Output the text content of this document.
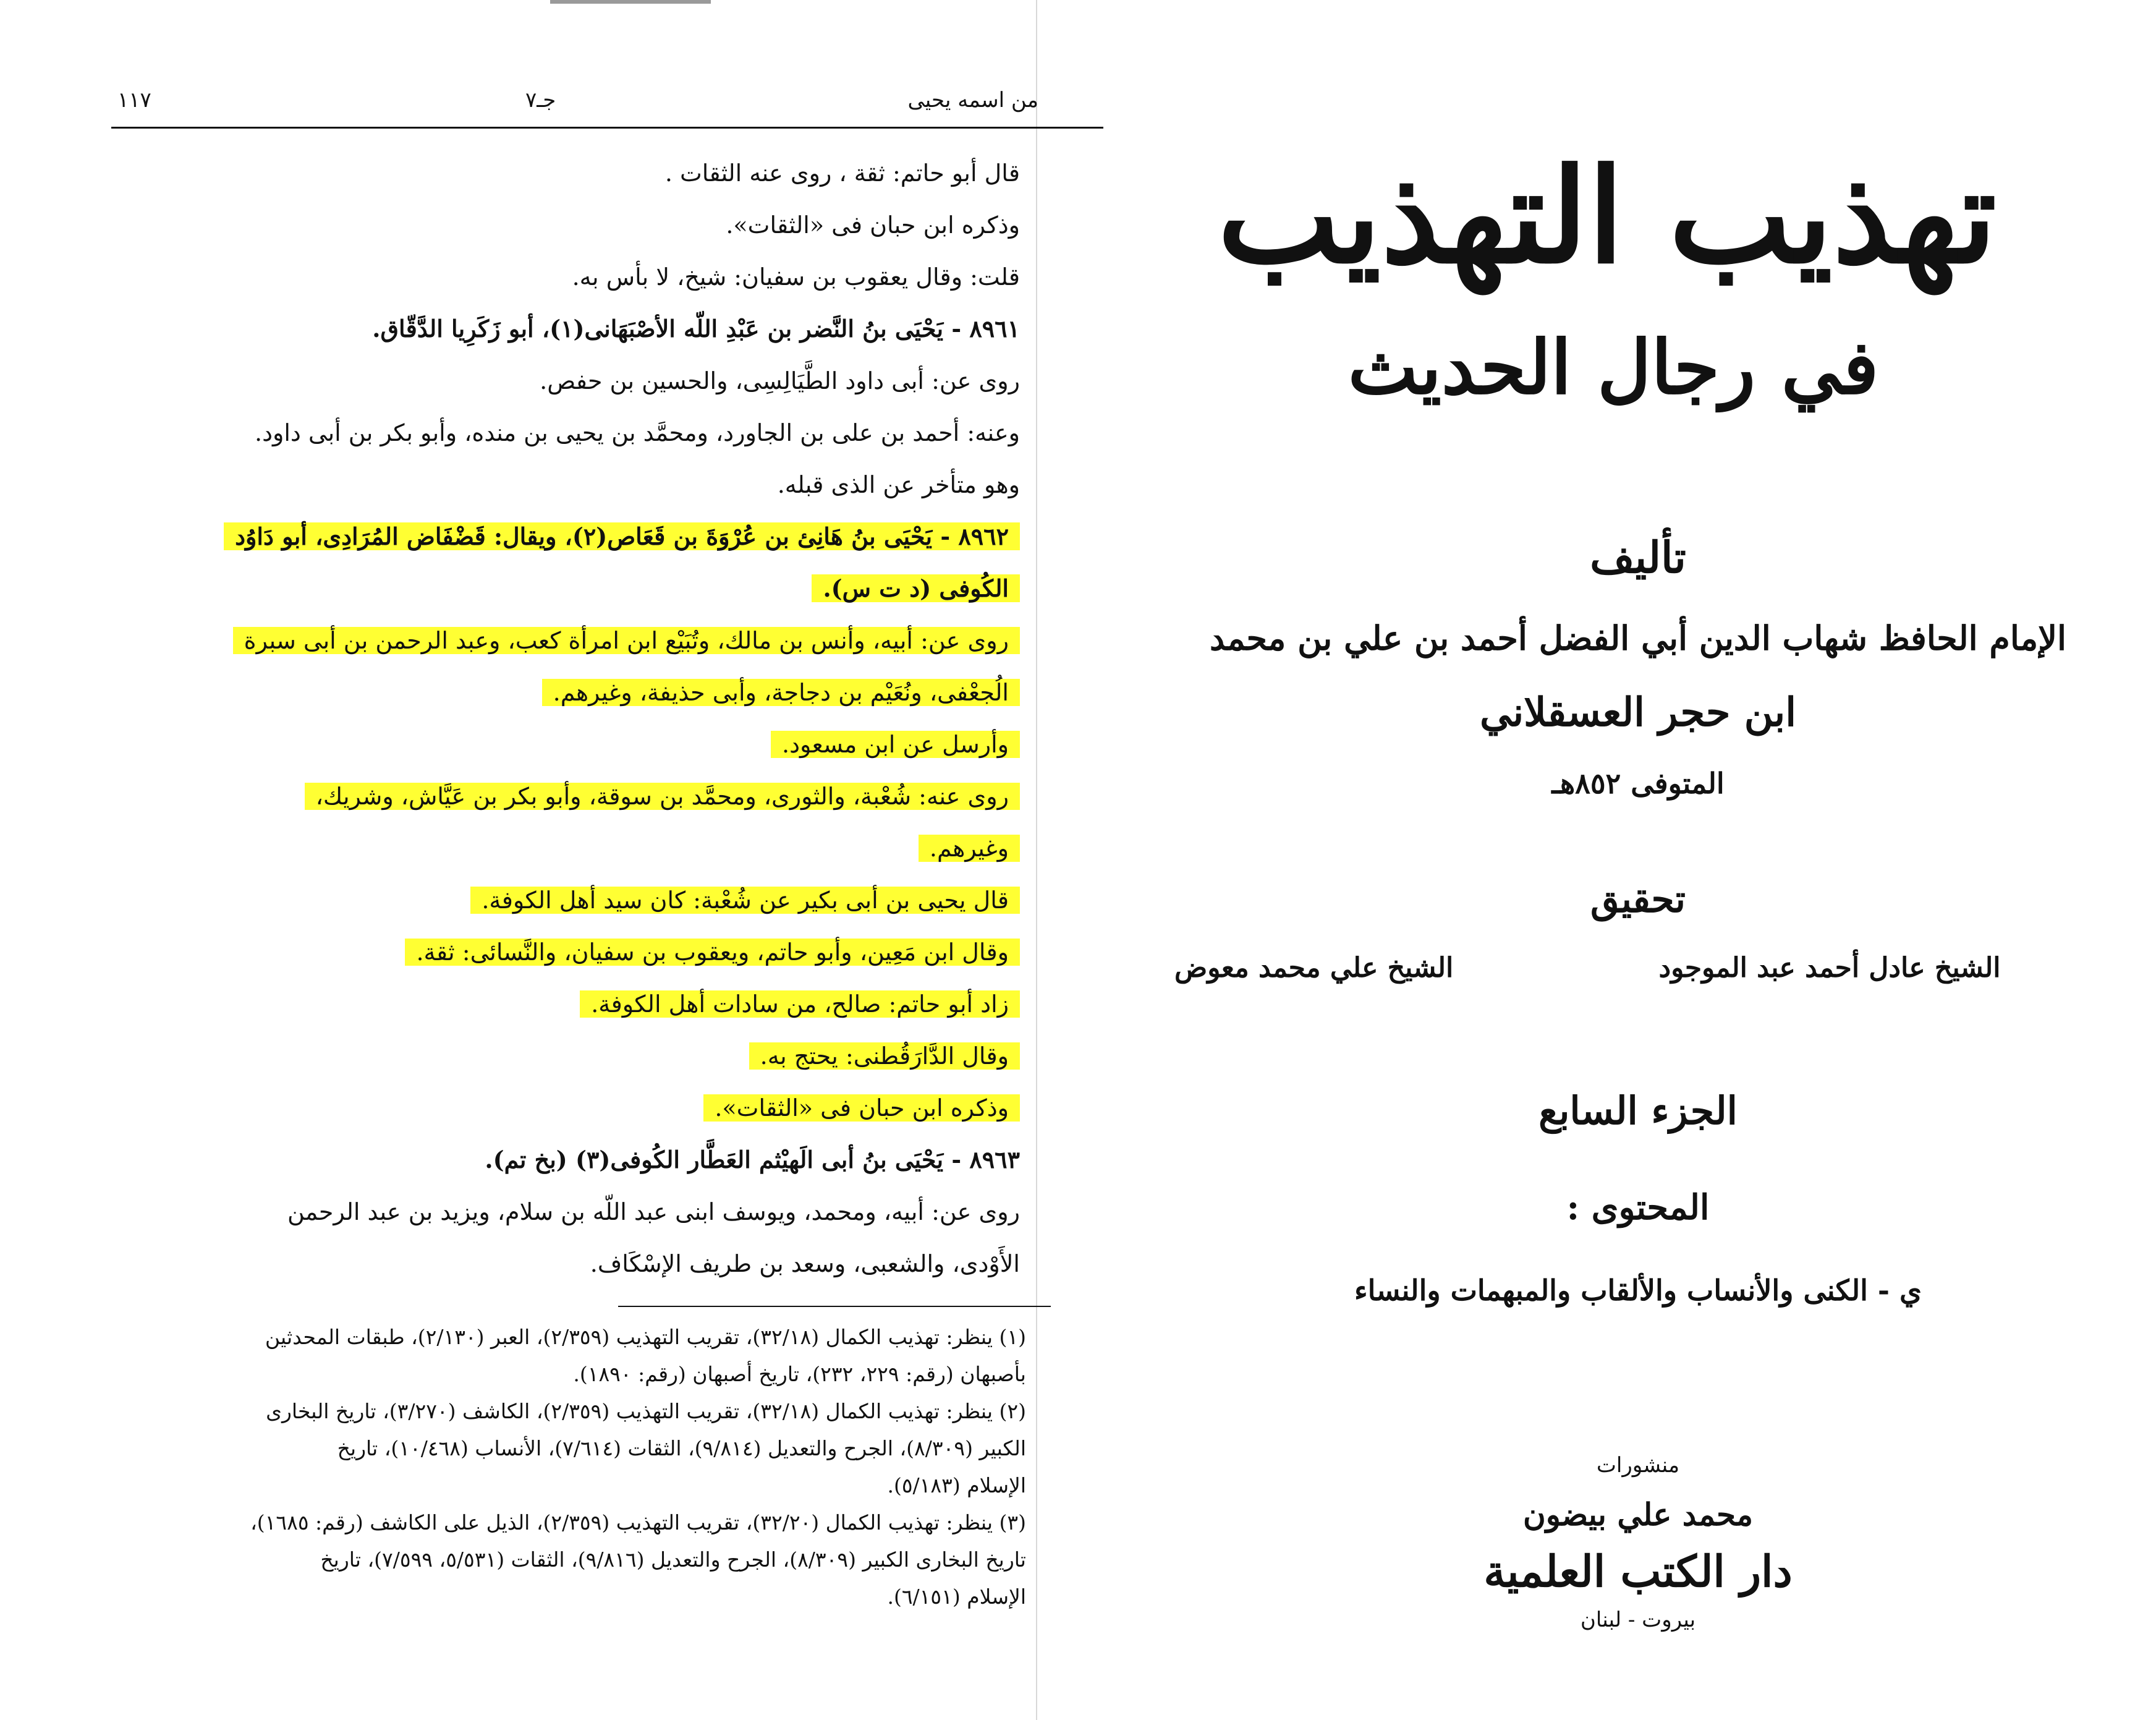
من اسمه يحيى
جـ٧
١١٧
قال أبو حاتم: ثقة ، روى عنه الثقات .
وذكره ابن حبان فى «الثقات».
قلت: وقال يعقوب بن سفيان: شيخ، لا بأس به.
٨٩٦١ - يَحْيَى بنُ النَّضر بن عَبْدِ اللّه الأصْبَهَانى(١)، أبو زَكَرِيا الدَّقّاق.
روى عن: أبى داود الطَّيَالِسِى، والحسين بن حفص.
وعنه: أحمد بن على بن الجاورد، ومحمَّد بن يحيى بن منده، وأبو بكر بن أبى داود.
وهو متأخر عن الذى قبله.
٨٩٦٢ - يَحْيَى بنُ هَانِئ بن عُرْوَةَ بن قَعَاص(٢)، ويقال: قَضْفَاض المُرَادِى، أبو دَاوُد
الكُوفى (د ت س).
روى عن: أبيه، وأنس بن مالك، وتُبَيْع ابن امرأة كعب، وعبد الرحمن بن أبى سبرة
الُجعْفى، ونُعَيْم بن دجاجة، وأبى حذيفة، وغيرهم.
وأرسل عن ابن مسعود.
روى عنه: شُعْبة، والثورى، ومحمَّد بن سوقة، وأبو بكر بن عَيَّاش، وشريك،
وغيرهم.
قال يحيى بن أبى بكير عن شُعْبة: كان سيد أهل الكوفة.
وقال ابن مَعِين، وأبو حاتم، ويعقوب بن سفيان، والنَّسائى: ثقة.
زاد أبو حاتم: صالح، من سادات أهل الكوفة.
وقال الدَّارَقُطنى: يحتج به.
وذكره ابن حبان فى «الثقات».
٨٩٦٣ - يَحْيَى بنُ أبى الَهيْثم العَطَّار الكُوفى(٣) (بخ تم).
روى عن: أبيه، ومحمد، ويوسف ابنى عبد اللّه بن سلام، ويزيد بن عبد الرحمن
الأَوْدى، والشعبى، وسعد بن طريف الإسْكَاف.
(١) ينظر: تهذيب الكمال (٣٢/١٨)، تقريب التهذيب (٢/٣٥٩)، العبر (٢/١٣٠)، طبقات المحدثين
بأصبهان (رقم: ٢٢٩، ٢٣٢)، تاريخ أصبهان (رقم: ١٨٩٠).
(٢) ينظر: تهذيب الكمال (٣٢/١٨)، تقريب التهذيب (٢/٣٥٩)، الكاشف (٣/٢٧٠)، تاريخ البخارى
الكبير (٨/٣٠٩)، الجرح والتعديل (٩/٨١٤)، الثقات (٧/٦١٤)، الأنساب (١٠/٤٦٨)، تاريخ
الإسلام (٥/١٨٣).
(٣) ينظر: تهذيب الكمال (٣٢/٢٠)، تقريب التهذيب (٢/٣٥٩)، الذيل على الكاشف (رقم: ١٦٨٥)،
تاريخ البخارى الكبير (٨/٣٠٩)، الجرح والتعديل (٩/٨١٦)، الثقات (٥/٥٣١، ٧/٥٩٩)، تاريخ
الإسلام (٦/١٥١).
تهذيب التهذيب
في رجال الحديث
تأليف
الإمام الحافظ شهاب الدين أبي الفضل أحمد بن علي بن محمد
ابن حجر العسقلاني
المتوفى ٨٥٢هـ
تحقيق
الشيخ علي محمد معوض	الشيخ عادل أحمد عبد الموجود
الجزء السابع
المحتوى :
ي - الكنى والأنساب والألقاب والمبهمات والنساء
منشورات
محمد علي بيضون
دار الكتب العلمية
بيروت - لبنان
